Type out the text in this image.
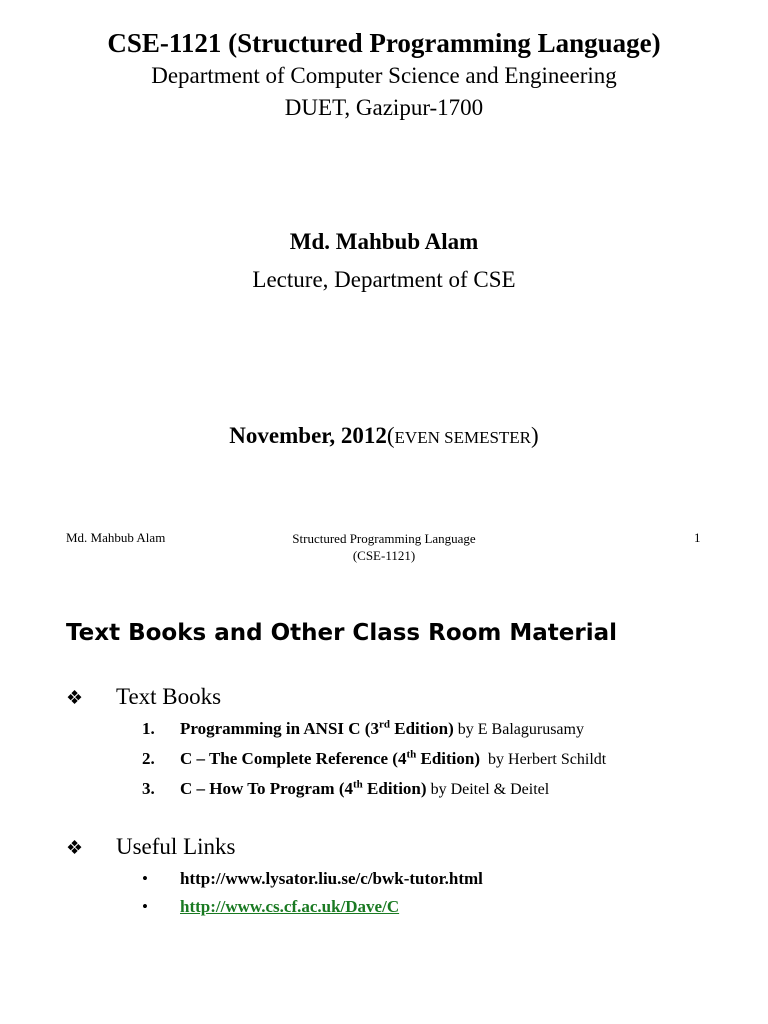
CSE-1121 (Structured Programming Language)
Department of Computer Science and Engineering
DUET, Gazipur-1700
Md. Mahbub Alam
Lecture, Department of CSE
November, 2012(EVEN SEMESTER)
Md. Mahbub Alam	Structured Programming Language
(CSE-1121)
1
Text Books and Other Class Room Material
❖ Text Books
1. Programming in ANSI C (3rd Edition) by E Balagurusamy
2. C – The Complete Reference (4th Edition)  by Herbert Schildt
3. C – How To Program (4th Edition) by Deitel & Deitel
❖ Useful Links
• http://www.lysator.liu.se/c/bwk-tutor.html
• http://www.cs.cf.ac.uk/Dave/C
